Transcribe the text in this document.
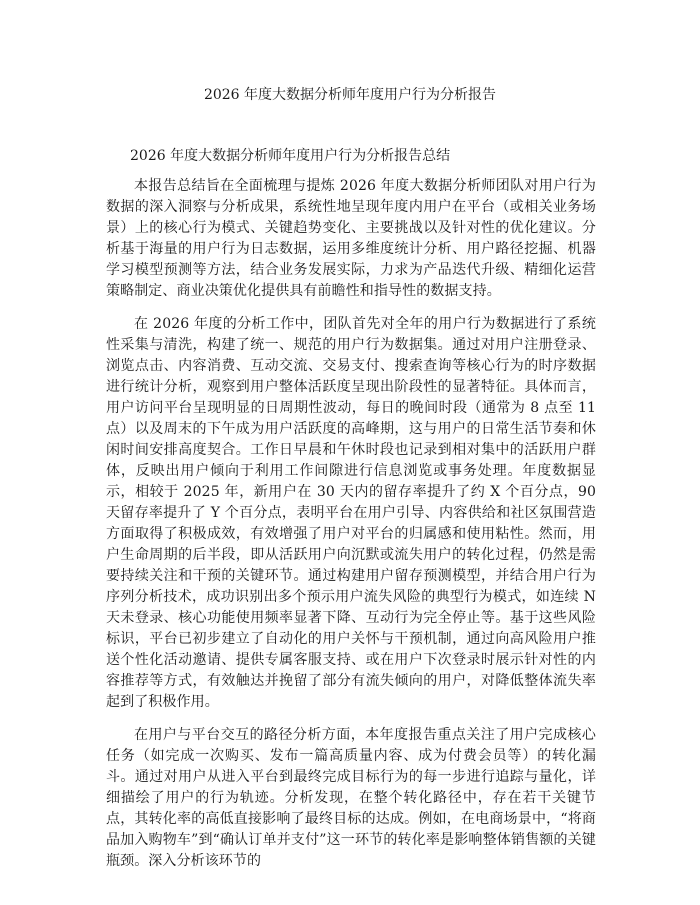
2026 年度大数据分析师年度用户行为分析报告
2026 年度大数据分析师年度用户行为分析报告总结

本报告总结旨在全面梳理与提炼 2026 年度大数据分析师团队对用户行为数据的深入洞察与分析成果，系统性地呈现年度内用户在平台（或相关业务场景）上的核心行为模式、关键趋势变化、主要挑战以及针对性的优化建议。分析基于海量的用户行为日志数据，运用多维度统计分析、用户路径挖掘、机器学习模型预测等方法，结合业务发展实际，力求为产品迭代升级、精细化运营策略制定、商业决策优化提供具有前瞻性和指导性的数据支持。

在 2026 年度的分析工作中，团队首先对全年的用户行为数据进行了系统性采集与清洗，构建了统一、规范的用户行为数据集。通过对用户注册登录、浏览点击、内容消费、互动交流、交易支付、搜索查询等核心行为的时序数据进行统计分析，观察到用户整体活跃度呈现出阶段性的显著特征。具体而言，用户访问平台呈现明显的日周期性波动，每日的晚间时段（通常为 8 点至 11 点）以及周末的下午成为用户活跃度的高峰期，这与用户的日常生活节奏和休闲时间安排高度契合。工作日早晨和午休时段也记录到相对集中的活跃用户群体，反映出用户倾向于利用工作间隙进行信息浏览或事务处理。年度数据显示，相较于 2025 年，新用户在 30 天内的留存率提升了约 X 个百分点，90 天留存率提升了 Y 个百分点，表明平台在用户引导、内容供给和社区氛围营造方面取得了积极成效，有效增强了用户对平台的归属感和使用粘性。然而，用户生命周期的后半段，即从活跃用户向沉默或流失用户的转化过程，仍然是需要持续关注和干预的关键环节。通过构建用户留存预测模型，并结合用户行为序列分析技术，成功识别出多个预示用户流失风险的典型行为模式，如连续 N 天未登录、核心功能使用频率显著下降、互动行为完全停止等。基于这些风险标识，平台已初步建立了自动化的用户关怀与干预机制，通过向高风险用户推送个性化活动邀请、提供专属客服支持、或在用户下次登录时展示针对性的内容推荐等方式，有效触达并挽留了部分有流失倾向的用户，对降低整体流失率起到了积极作用。

在用户与平台交互的路径分析方面，本年度报告重点关注了用户完成核心任务（如完成一次购买、发布一篇高质量内容、成为付费会员等）的转化漏斗。通过对用户从进入平台到最终完成目标行为的每一步进行追踪与量化，详细描绘了用户的行为轨迹。分析发现，在整个转化路径中，存在若干关键节点，其转化率的高低直接影响了最终目标的达成。例如，在电商场景中，“将商品加入购物车”到“确认订单并支付”这一环节的转化率是影响整体销售额的关键瓶颈。深入分析该环节的
